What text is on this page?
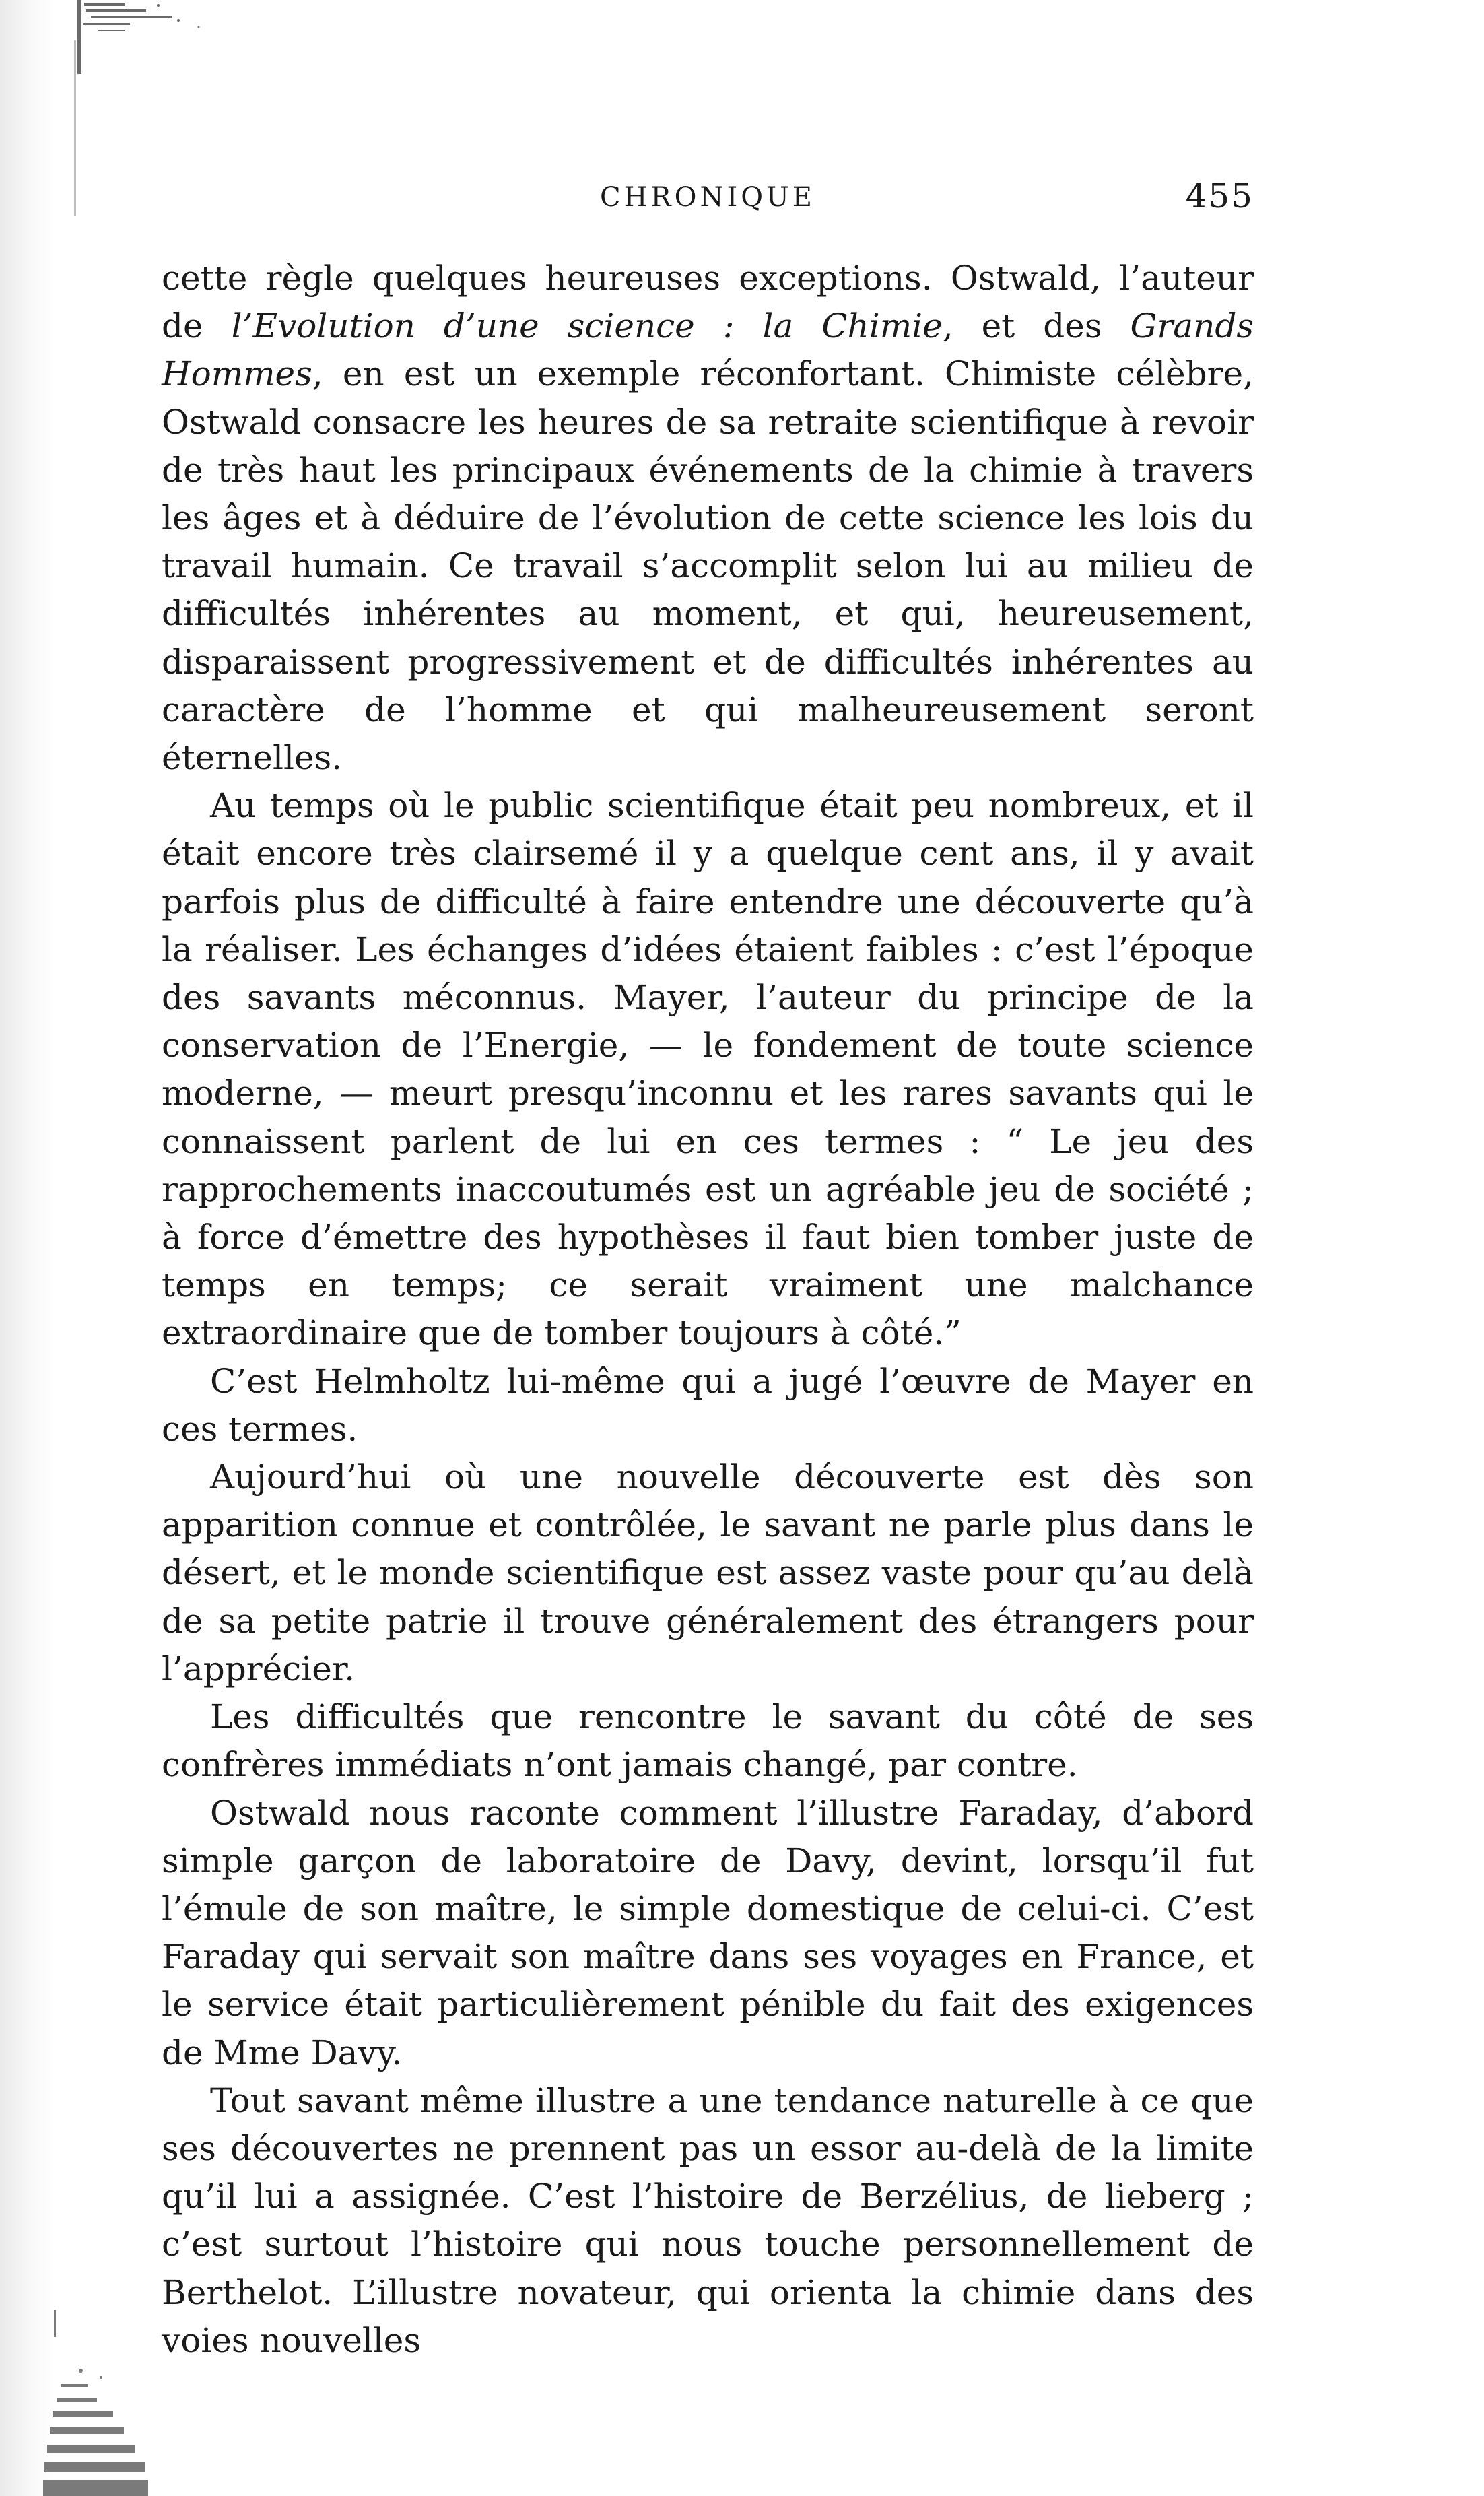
CHRONIQUE	455

cette règle quelques heureuses exceptions. Ostwald, l’auteur de l’Evolution d’une science : la Chimie, et des Grands Hommes, en est un exemple réconfortant. Chimiste célèbre, Ostwald consacre les heures de sa retraite scientifique à revoir de très haut les principaux événements de la chimie à travers les âges et à déduire de l’évolution de cette science les lois du travail humain. Ce travail s’accomplit selon lui au milieu de difficultés inhérentes au moment, et qui, heureusement, disparaissent progressivement et de difficultés inhérentes au caractère de l’homme et qui malheureusement seront éternelles.

Au temps où le public scientifique était peu nombreux, et il était encore très clairsemé il y a quelque cent ans, il y avait parfois plus de difficulté à faire entendre une découverte qu’à la réaliser. Les échanges d’idées étaient faibles : c’est l’époque des savants méconnus. Mayer, l’auteur du principe de la conservation de l’Energie, — le fondement de toute science moderne, — meurt presqu’inconnu et les rares savants qui le connaissent parlent de lui en ces termes : “ Le jeu des rapprochements inaccoutumés est un agréable jeu de société ; à force d’émettre des hypothèses il faut bien tomber juste de temps en temps; ce serait vraiment une malchance extraordinaire que de tomber toujours à côté.”

C’est Helmholtz lui-même qui a jugé l’œuvre de Mayer en ces termes.

Aujourd’hui où une nouvelle découverte est dès son apparition connue et contrôlée, le savant ne parle plus dans le désert, et le monde scientifique est assez vaste pour qu’au delà de sa petite patrie il trouve généralement des étrangers pour l’apprécier.

Les difficultés que rencontre le savant du côté de ses confrères immédiats n’ont jamais changé, par contre.

Ostwald nous raconte comment l’illustre Faraday, d’abord simple garçon de laboratoire de Davy, devint, lorsqu’il fut l’émule de son maître, le simple domestique de celui-ci. C’est Faraday qui servait son maître dans ses voyages en France, et le service était particulièrement pénible du fait des exigences de Mme Davy.

Tout savant même illustre a une tendance naturelle à ce que ses découvertes ne prennent pas un essor au-delà de la limite qu’il lui a assignée. C’est l’histoire de Berzélius, de lieberg ; c’est surtout l’histoire qui nous touche personnellement de Berthelot. L’illustre novateur, qui orienta la chimie dans des voies nouvelles
